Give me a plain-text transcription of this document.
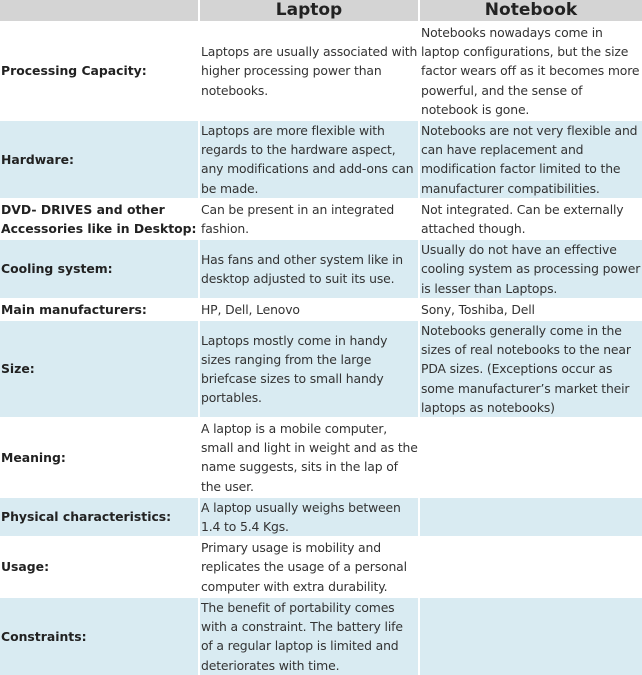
	Laptop	Notebook
Processing Capacity:	Laptops are usually associated with higher processing power than notebooks.	Notebooks nowadays come in laptop configurations, but the size factor wears off as it becomes more powerful, and the sense of notebook is gone.
Hardware:	Laptops are more flexible with regards to the hardware aspect, any modifications and add-ons can be made.	Notebooks are not very flexible and can have replacement and modification factor limited to the manufacturer compatibilities.
DVD- DRIVES and other Accessories like in Desktop:	Can be present in an integrated fashion.	Not integrated. Can be externally attached though.
Cooling system:	Has fans and other system like in desktop adjusted to suit its use.	Usually do not have an effective cooling system as processing power is lesser than Laptops.
Main manufacturers:	HP, Dell, Lenovo	Sony, Toshiba, Dell
Size:	Laptops mostly come in handy sizes ranging from the large briefcase sizes to small handy portables.	Notebooks generally come in the sizes of real notebooks to the near PDA sizes. (Exceptions occur as some manufacturer’s market their laptops as notebooks)
Meaning:	A laptop is a mobile computer, small and light in weight and as the name suggests, sits in the lap of the user.	
Physical characteristics:	A laptop usually weighs between 1.4 to 5.4 Kgs.	
Usage:	Primary usage is mobility and replicates the usage of a personal computer with extra durability.	
Constraints:	The benefit of portability comes with a constraint. The battery life of a regular laptop is limited and deteriorates with time.	
